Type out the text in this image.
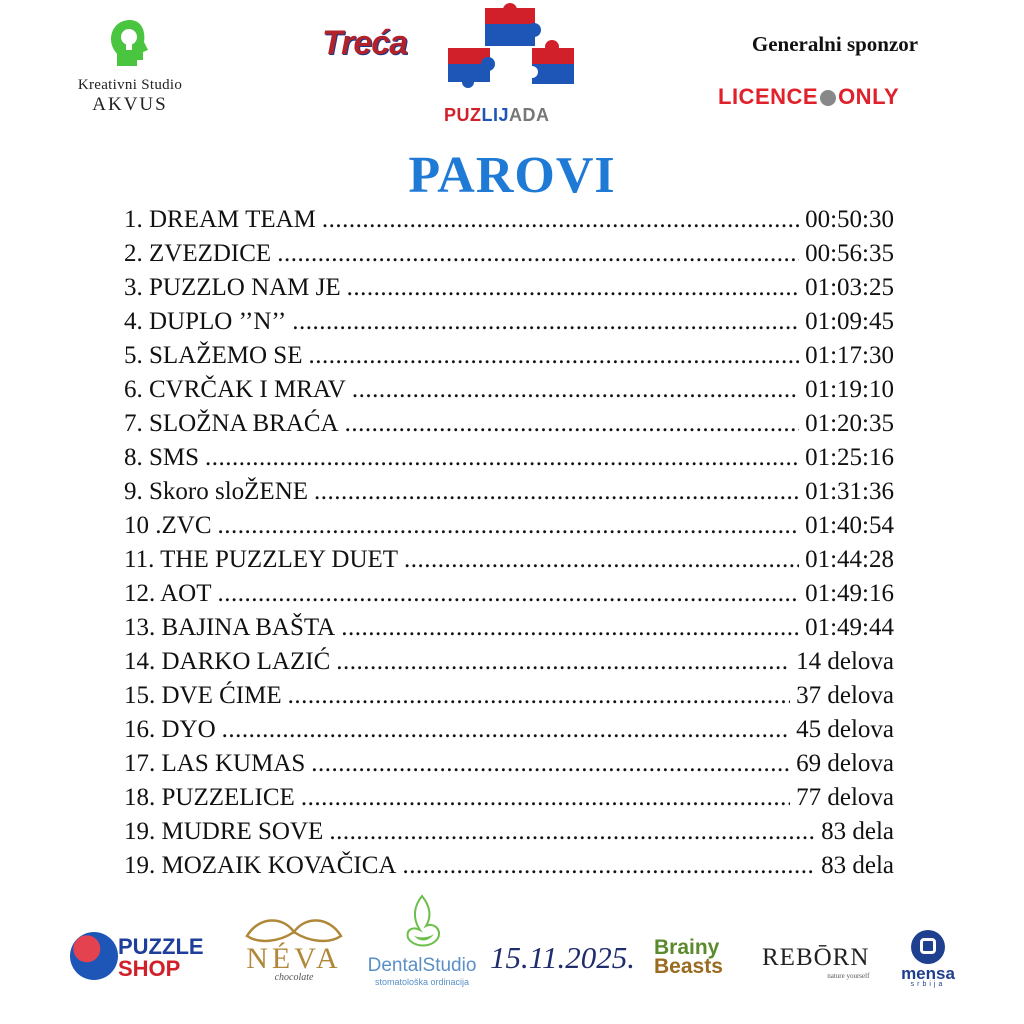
Kreativni Studio
AKVUS
Treća
PUZLIJADA
Generalni sponzor
LICENCE ONLY
PAROVI
1. DREAM TEAM .....	00:50:30
2. ZVEZDICE .....	00:56:35
3. PUZZLO NAM JE .....	01:03:25
4. DUPLO ’’N’’ .....	01:09:45
5. SLAŽEMO SE .....	01:17:30
6. CVRČAK I MRAV .....	01:19:10
7. SLOŽNA BRAĆA .....	01:20:35
8. SMS .....	01:25:16
9. Skoro sloŽENE .....	01:31:36
10 .ZVC .....	01:40:54
11. THE PUZZLEY DUET .....	01:44:28
12. AOT .....	01:49:16
13. BAJINA BAŠTA .....	01:49:44
14. DARKO LAZIĆ .....	14 delova
15. DVE ĆIME .....	37 delova
16. DYO .....	45 delova
17. LAS KUMAS .....	69 delova
18. PUZZELICE .....	77 delova
19. MUDRE SOVE .....	83 dela
19. MOZAIK KOVAČICA .....	83 dela
PUZZLE
SHOP	NÉVA
chocolate
DentalStudio
stomatološka ordinacija
15.11.2025. Brainy
Beasts REBŌRN
nature yourself	mensa
srbija
